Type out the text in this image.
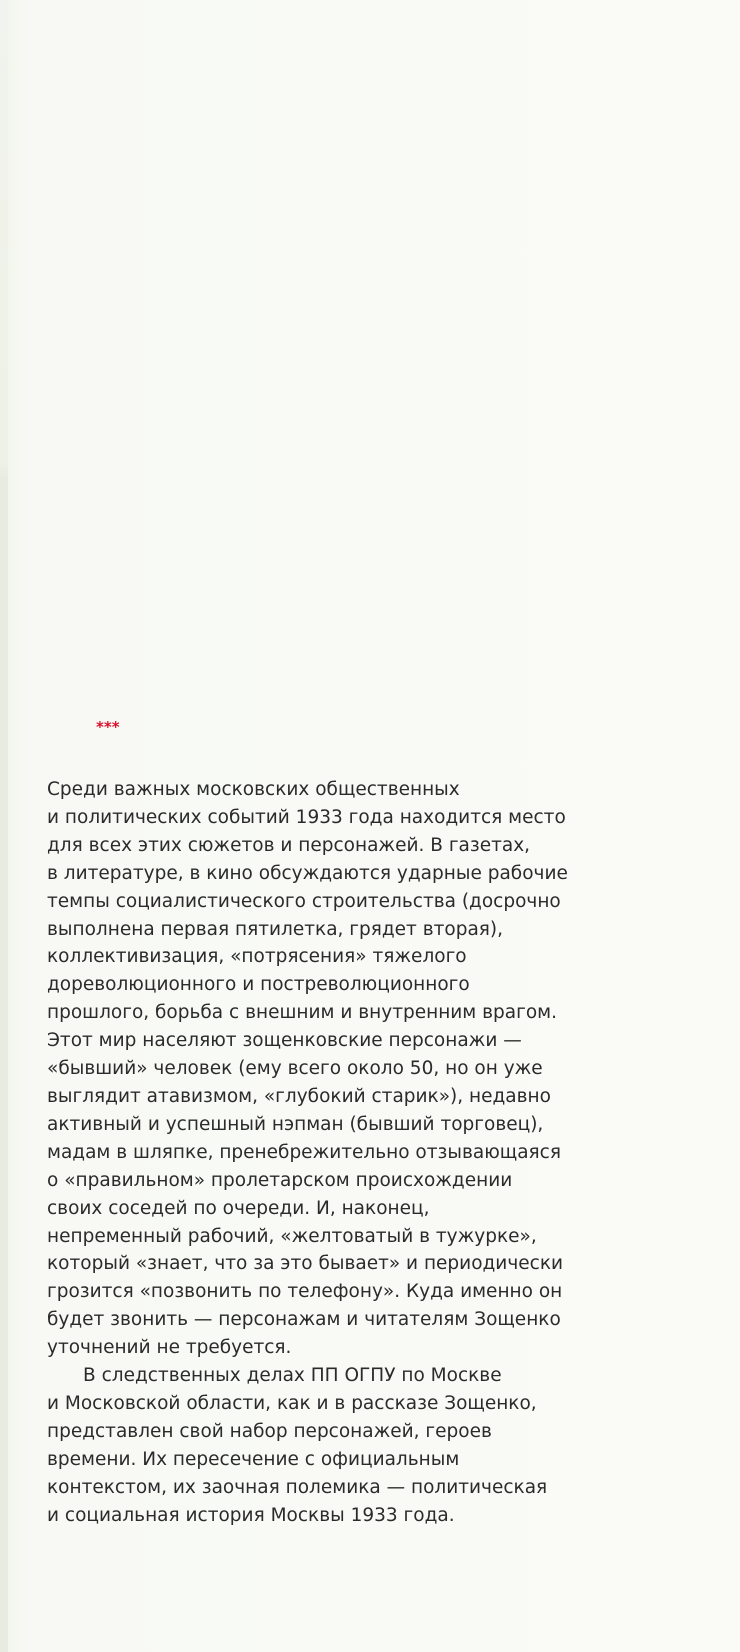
***
Среди важных московских общественных
и политических событий 1933 года находится место
для всех этих сюжетов и персонажей. В газетах,
в литературе, в кино обсуждаются ударные рабочие
темпы социалистического строительства (досрочно
выполнена первая пятилетка, грядет вторая),
коллективизация, «потрясения» тяжелого
дореволюционного и постреволюционного
прошлого, борьба с внешним и внутренним врагом.
Этот мир населяют зощенковские персонажи —
«бывший» человек (ему всего около 50, но он уже
выглядит атавизмом, «глубокий старик»), недавно
активный и успешный нэпман (бывший торговец),
мадам в шляпке, пренебрежительно отзывающаяся
о «правильном» пролетарском происхождении
своих соседей по очереди. И, наконец,
непременный рабочий, «желтоватый в тужурке»,
который «знает, что за это бывает» и периодически
грозится «позвонить по телефону». Куда именно он
будет звонить — персонажам и читателям Зощенко
уточнений не требуется.
В следственных делах ПП ОГПУ по Москве
и Московской области, как и в рассказе Зощенко,
представлен свой набор персонажей, героев
времени. Их пересечение с официальным
контекстом, их заочная полемика — политическая
и социальная история Москвы 1933 года.
